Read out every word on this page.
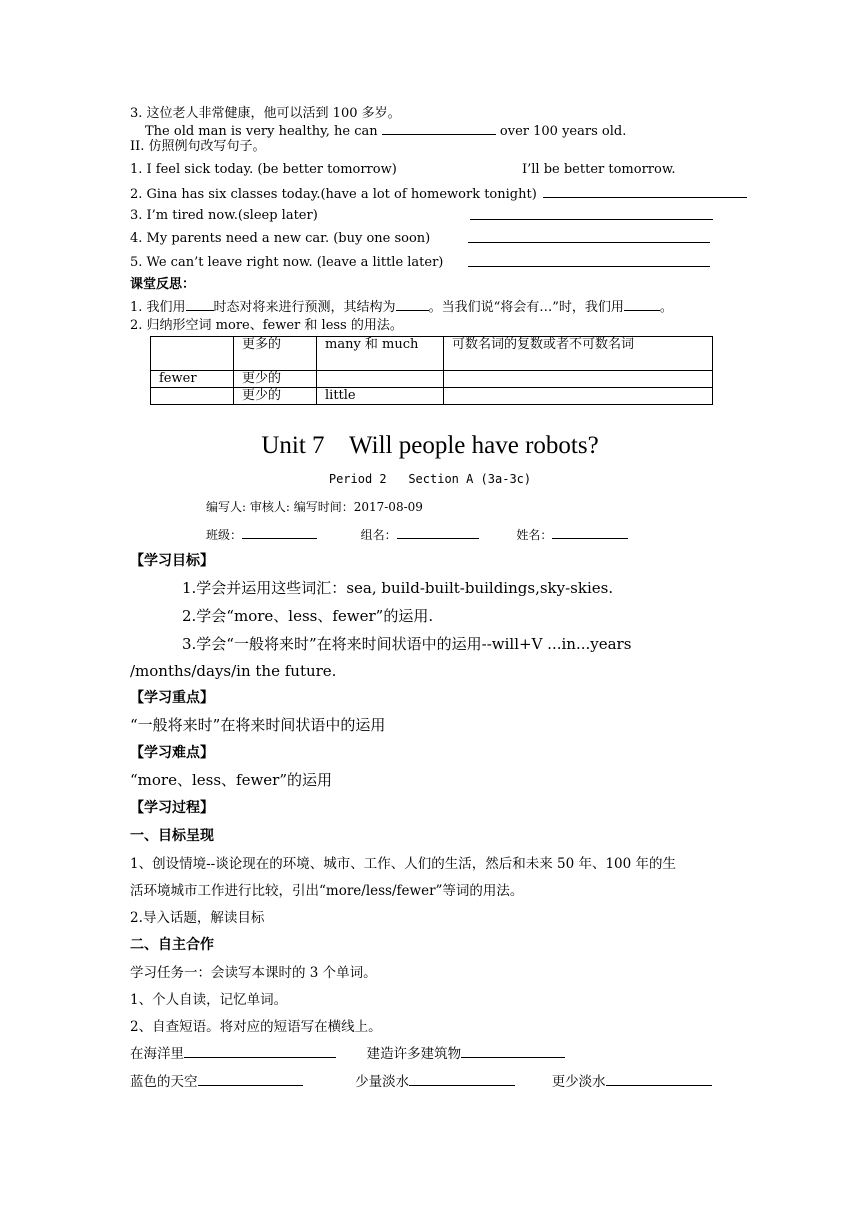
3. 这位老人非常健康，他可以活到 100 多岁。
The old man is very healthy, he can	over 100 years old.
II. 仿照例句改写句子。
1. I feel sick today. (be better tomorrow)	I’ll be better tomorrow.
2. Gina has six classes today.(have a lot of homework tonight)
3. I’m tired now.(sleep later)
4. My parents need a new car. (buy one soon)
5. We can’t leave right now. (leave a little later)
课堂反思：
1. 我们用 时态对将来进行预测，其结构为	。当我们说“将会有…”时，我们用	。
2. 归纳形空词 more、fewer 和 less 的用法。
	更多的	many 和 much	可数名词的复数或者不可数名词
fewer	更少的		
	更少的	little	
Unit 7    Will people have robots?
Period 2   Section A (3a-3c)
编写人: 审核人: 编写时间：2017-08-09
班级：	组名：	姓名：
【学习目标】
1.学会并运用这些词汇：sea, build-built-buildings,sky-skies.
2.学会“more、less、fewer”的运用.
3.学会“一般将来时”在将来时间状语中的运用--will+V ...in...years
/months/days/in the future.
【学习重点】
“一般将来时”在将来时间状语中的运用
【学习难点】
“more、less、fewer”的运用
【学习过程】
一、目标呈现
1、创设情境--谈论现在的环境、城市、工作、人们的生活，然后和未来 50 年、100 年的生
活环境城市工作进行比较，引出“more/less/fewer”等词的用法。
2.导入话题，解读目标
二、自主合作
学习任务一：会读写本课时的 3 个单词。
1、个人自读，记忆单词。
2、自查短语。将对应的短语写在横线上。
在海洋里	建造许多建筑物
蓝色的天空	少量淡水	更少淡水
